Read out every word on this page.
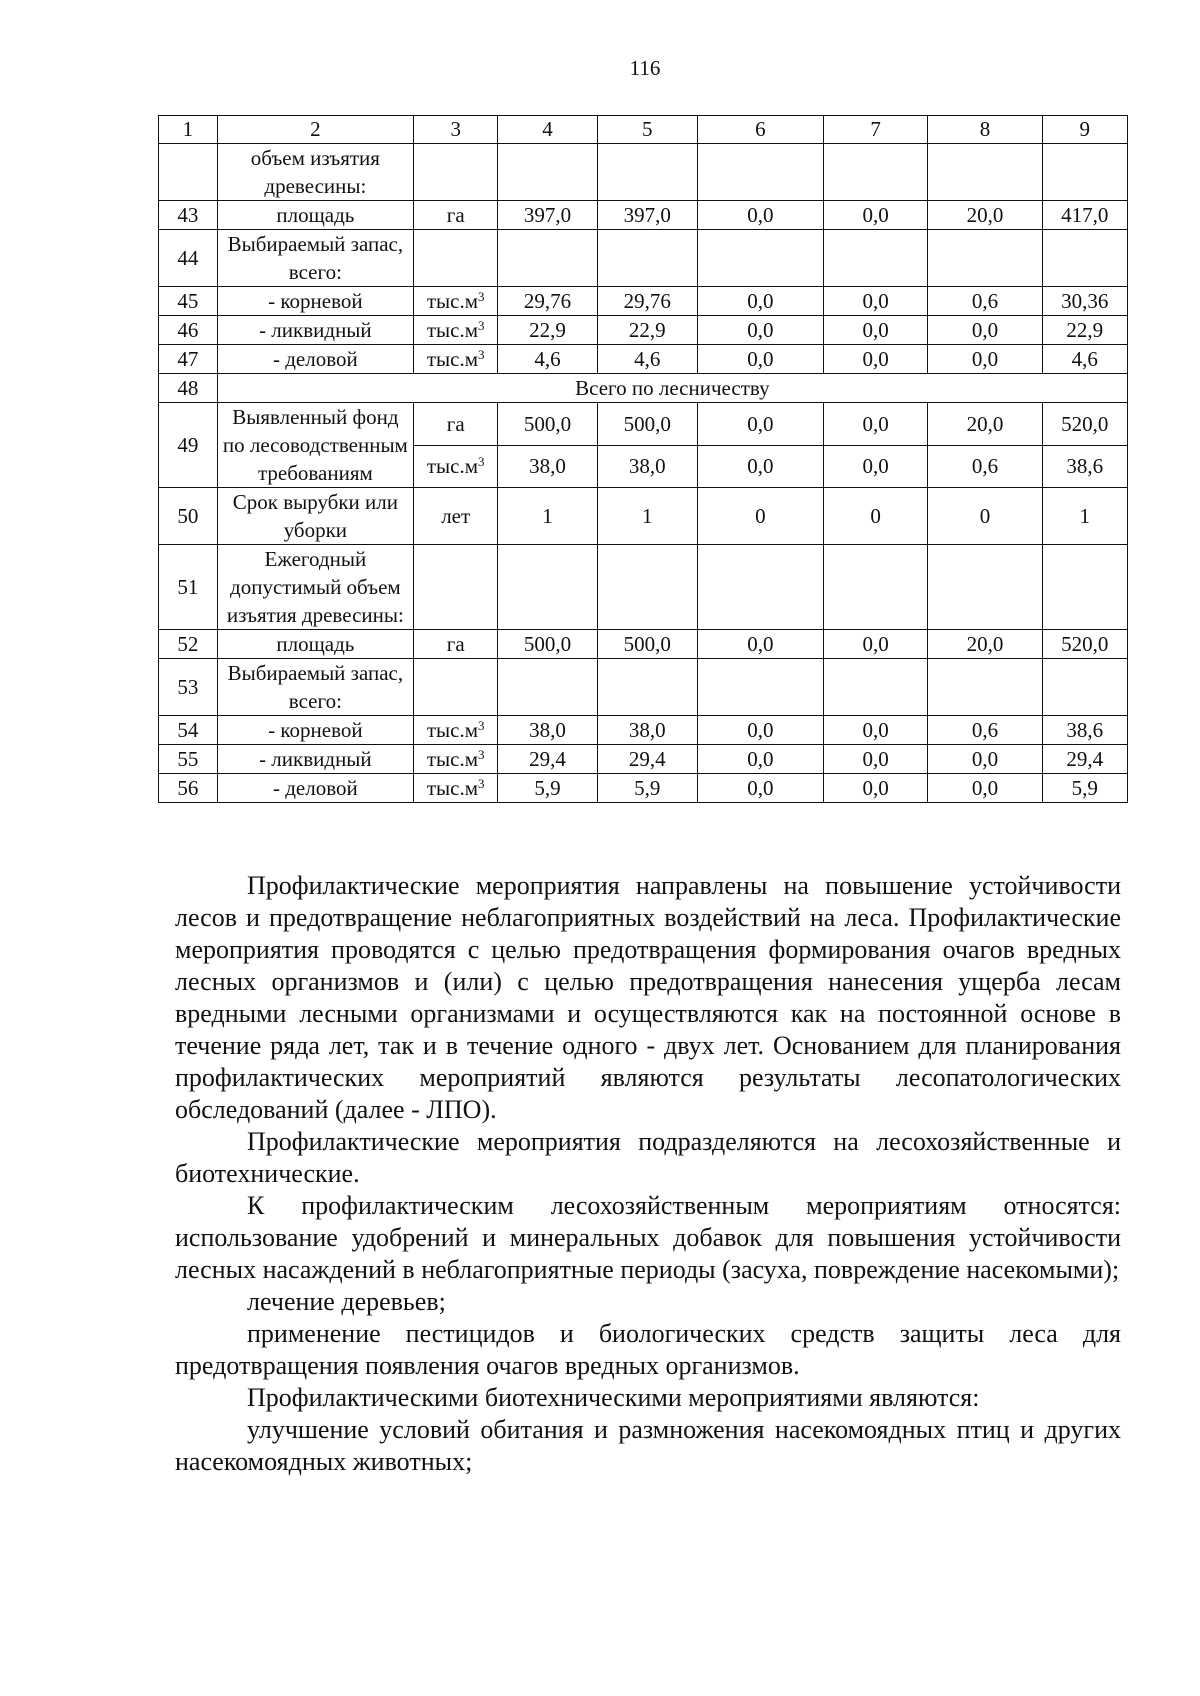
116
1	2	3	4	5	6	7	8	9
	объем изъятия древесины:							
43	площадь	га	397,0	397,0	0,0	0,0	20,0	417,0
44	Выбираемый запас, всего:							
45	- корневой	$тыс.м^3$	29,76	29,76	0,0	0,0	0,6	30,36
46	- ликвидный	$тыс.м^3$	22,9	22,9	0,0	0,0	0,0	22,9
47	- деловой	$тыс.м^3$	4,6	4,6	0,0	0,0	0,0	4,6
48	Всего по лесничеству							
49	Выявленный фонд по лесоводственным требованиям	га	500,0	500,0	0,0	0,0	20,0	520,0
		$тыс.м^3$	38,0	38,0	0,0	0,0	0,6	38,6
50	Срок вырубки или уборки	лет	1	1	0	0	0	1
51	Ежегодный допустимый объем изъятия древесины:							
52	площадь	га	500,0	500,0	0,0	0,0	20,0	520,0
53	Выбираемый запас, всего:							
54	- корневой	$тыс.м^3$	38,0	38,0	0,0	0,0	0,6	38,6
55	- ликвидный	$тыс.м^3$	29,4	29,4	0,0	0,0	0,0	29,4
56	- деловой	$тыс.м^3$	5,9	5,9	0,0	0,0	0,0	5,9

Профилактические мероприятия направлены на повышение устойчивости лесов и предотвращение неблагоприятных воздействий на леса. Профилактические мероприятия проводятся с целью предотвращения формирования очагов вредных лесных организмов и (или) с целью предотвращения нанесения ущерба лесам вредными лесными организмами и осуществляются как на постоянной основе в течение ряда лет, так и в течение одного - двух лет. Основанием для планирования профилактических мероприятий являются результаты лесопатологических обследований (далее - ЛПО).

Профилактические мероприятия подразделяются на лесохозяйственные и биотехнические.

К профилактическим лесохозяйственным мероприятиям относятся: использование удобрений и минеральных добавок для повышения устойчивости лесных насаждений в неблагоприятные периоды (засуха, повреждение насекомыми);

лечение деревьев;

применение пестицидов и биологических средств защиты леса для предотвращения появления очагов вредных организмов.

Профилактическими биотехническими мероприятиями являются:

улучшение условий обитания и размножения насекомоядных птиц и других насекомоядных животных;
